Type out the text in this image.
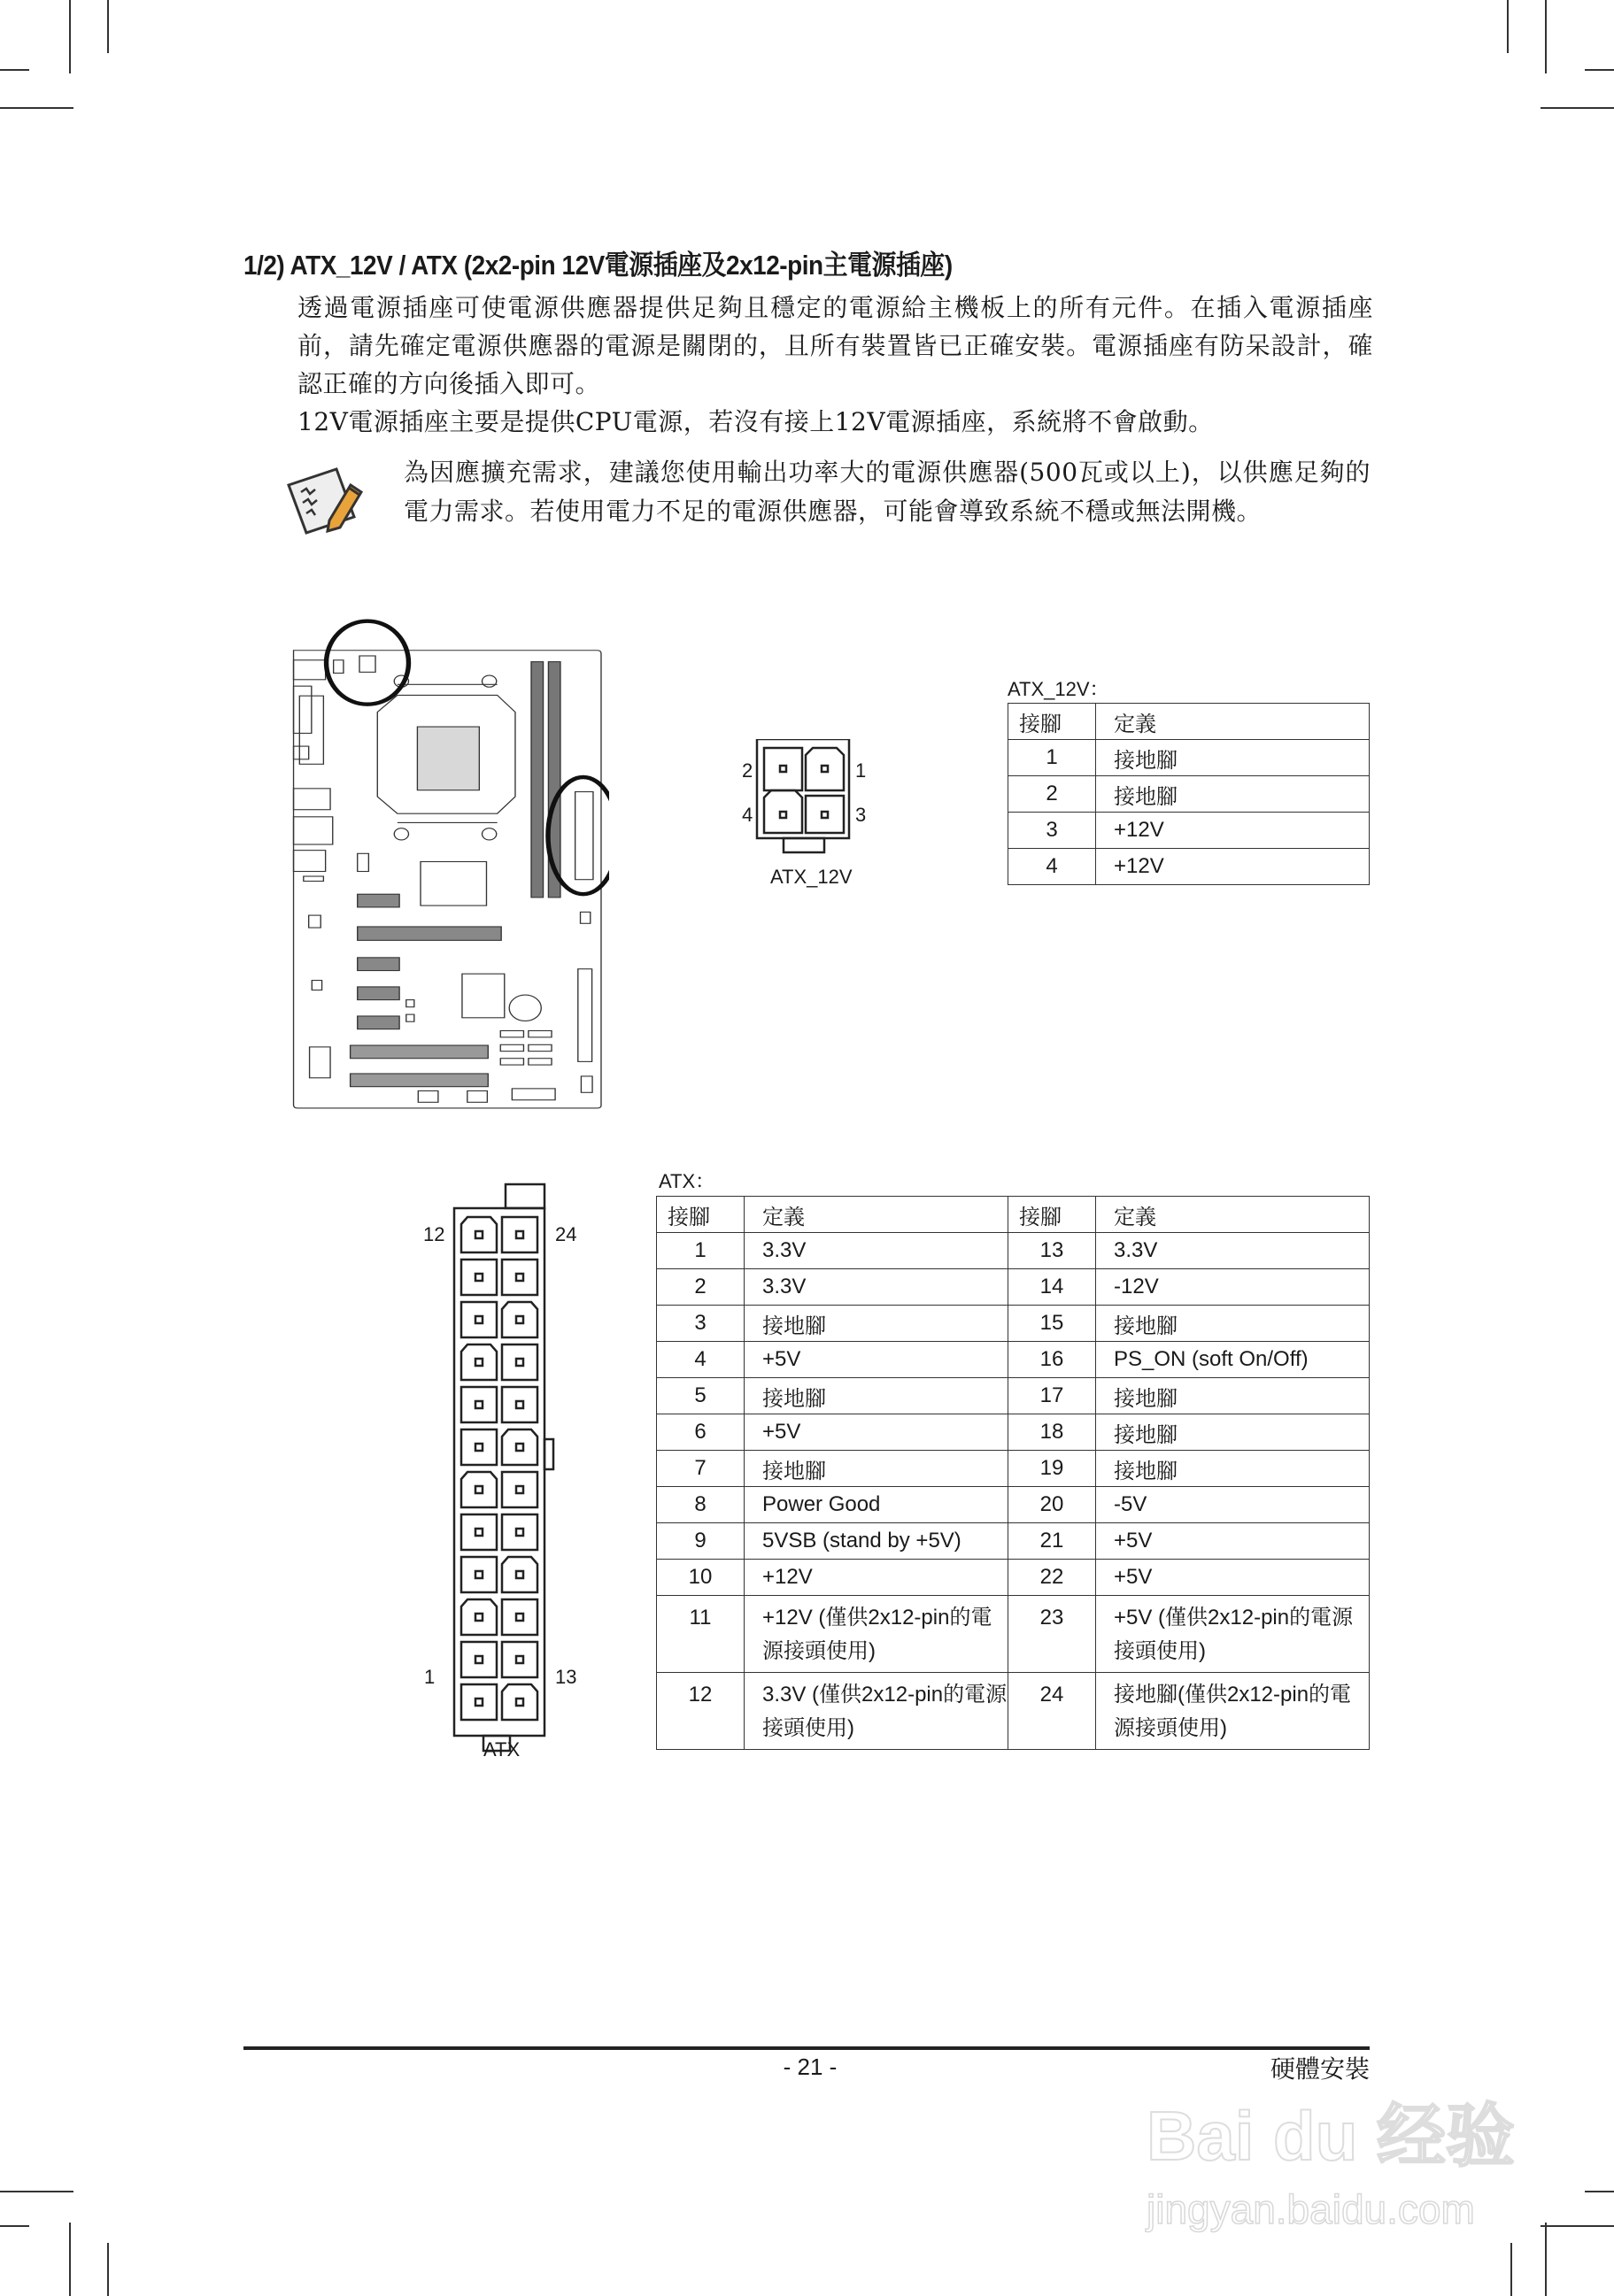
1/2) ATX_12V / ATX (2x2-pin 12V電源插座及2x12-pin主電源插座)
透過電源插座可使電源供應器提供足夠且穩定的電源給主機板上的所有元件。在插入電源插座前，請先確定電源供應器的電源是關閉的，且所有裝置皆已正確安裝。電源插座有防呆設計，確認正確的方向後插入即可。
12V電源插座主要是提供CPU電源，若沒有接上12V電源插座，系統將不會啟動。
為因應擴充需求，建議您使用輸出功率大的電源供應器(500瓦或以上)，以供應足夠的電力需求。若使用電力不足的電源供應器，可能會導致系統不穩或無法開機。
2	1
4	3
ATX_12V
ATX_12V：
接腳	定義
1	接地腳
2	接地腳
3	+12V
4	+12V
12	24
1	13
ATX
ATX：
接腳	定義	接腳	定義
1	3.3V	13	3.3V
2	3.3V	14	-12V
3	接地腳	15	接地腳
4	+5V	16	PS_ON (soft On/Off)
5	接地腳	17	接地腳
6	+5V	18	接地腳
7	接地腳	19	接地腳
8	Power Good	20	-5V
9	5VSB (stand by +5V)	21	+5V
10	+12V	22	+5V
11	+12V (僅供2x12-pin的電源接頭使用)	23	+5V (僅供2x12-pin的電源接頭使用)
12	3.3V (僅供2x12-pin的電源接頭使用)	24	接地腳(僅供2x12-pin的電源接頭使用)
- 21 -	硬體安裝
Bai du 经验
jingyan.baidu.com
